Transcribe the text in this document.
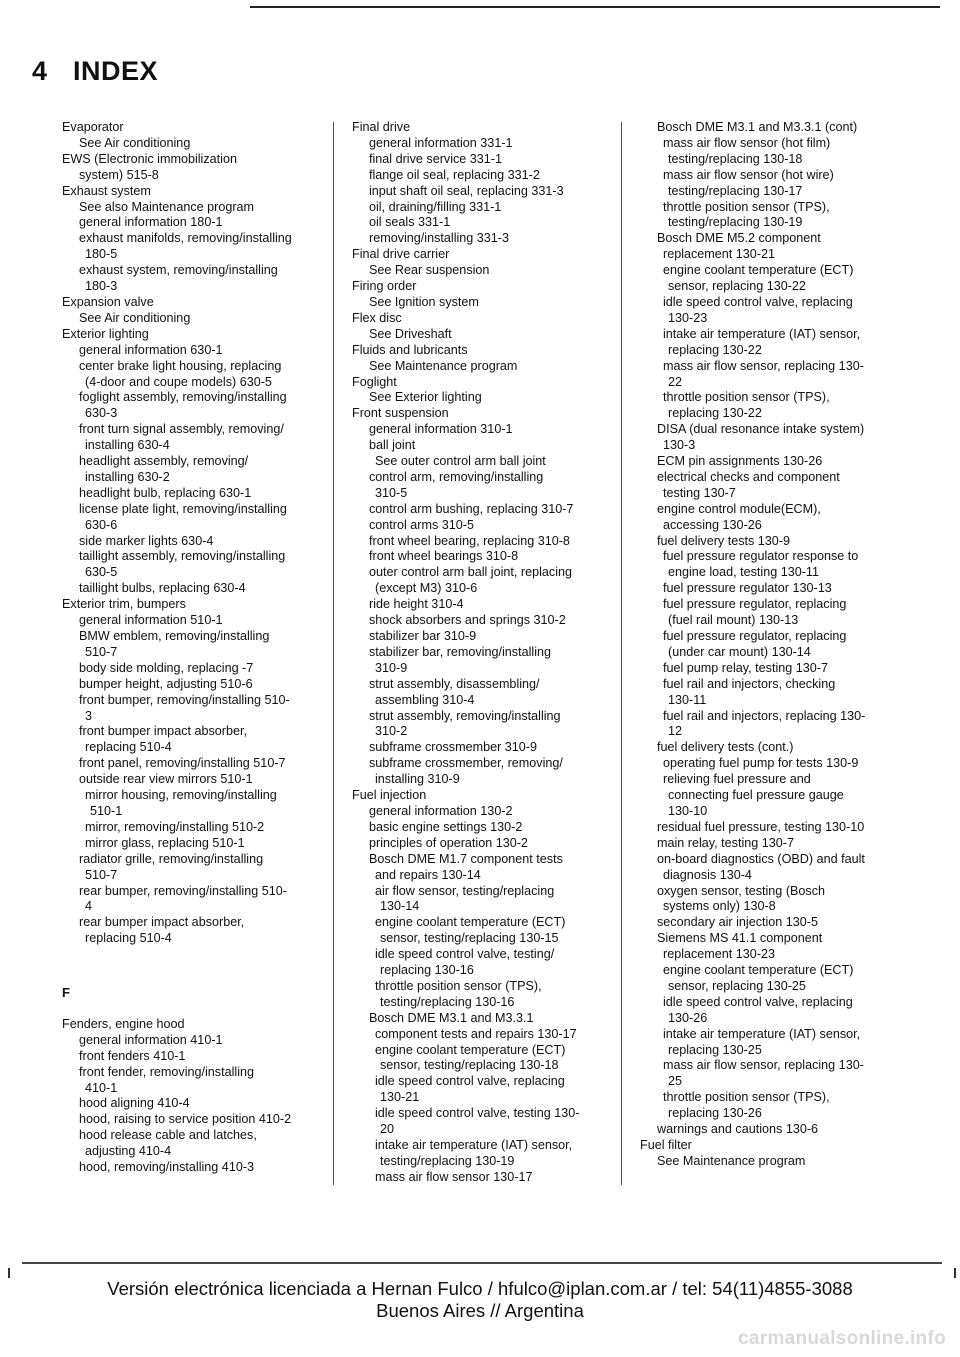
4 INDEX
Evaporator
See Air conditioning
EWS (Electronic immobilization
system) 515-8
Exhaust system
See also Maintenance program
general information 180-1
exhaust manifolds, removing/installing
180-5
exhaust system, removing/installing
180-3
Expansion valve
See Air conditioning
Exterior lighting
general information 630-1
center brake light housing, replacing
(4-door and coupe models) 630-5
foglight assembly, removing/installing
630-3
front turn signal assembly, removing/
installing 630-4
headlight assembly, removing/
installing 630-2
headlight bulb, replacing 630-1
license plate light, removing/installing
630-6
side marker lights 630-4
taillight assembly, removing/installing
630-5
taillight bulbs, replacing 630-4
Exterior trim, bumpers
general information 510-1
BMW emblem, removing/installing
510-7
body side molding, replacing -7
bumper height, adjusting 510-6
front bumper, removing/installing 510-
3
front bumper impact absorber,
replacing 510-4
front panel, removing/installing 510-7
outside rear view mirrors 510-1
mirror housing, removing/installing
510-1
mirror, removing/installing 510-2
mirror glass, replacing 510-1
radiator grille, removing/installing
510-7
rear bumper, removing/installing 510-
4
rear bumper impact absorber,
replacing 510-4
F
Fenders, engine hood
general information 410-1
front fenders 410-1
front fender, removing/installing
410-1
hood aligning 410-4
hood, raising to service position 410-2
hood release cable and latches,
adjusting 410-4
hood, removing/installing 410-3
Final drive
general information 331-1
final drive service 331-1
flange oil seal, replacing 331-2
input shaft oil seal, replacing 331-3
oil, draining/filling 331-1
oil seals 331-1
removing/installing 331-3
Final drive carrier
See Rear suspension
Firing order
See Ignition system
Flex disc
See Driveshaft
Fluids and lubricants
See Maintenance program
Foglight
See Exterior lighting
Front suspension
general information 310-1
ball joint
See outer control arm ball joint
control arm, removing/installing
310-5
control arm bushing, replacing 310-7
control arms 310-5
front wheel bearing, replacing 310-8
front wheel bearings 310-8
outer control arm ball joint, replacing
(except M3) 310-6
ride height 310-4
shock absorbers and springs 310-2
stabilizer bar 310-9
stabilizer bar, removing/installing
310-9
strut assembly, disassembling/
assembling 310-4
strut assembly, removing/installing
310-2
subframe crossmember 310-9
subframe crossmember, removing/
installing 310-9
Fuel injection
general information 130-2
basic engine settings 130-2
principles of operation 130-2
Bosch DME M1.7 component tests
and repairs 130-14
air flow sensor, testing/replacing
130-14
engine coolant temperature (ECT)
sensor, testing/replacing 130-15
idle speed control valve, testing/
replacing 130-16
throttle position sensor (TPS),
testing/replacing 130-16
Bosch DME M3.1 and M3.3.1
component tests and repairs 130-17
engine coolant temperature (ECT)
sensor, testing/replacing 130-18
idle speed control valve, replacing
130-21
idle speed control valve, testing 130-
20
intake air temperature (IAT) sensor,
testing/replacing 130-19
mass air flow sensor 130-17
Bosch DME M3.1 and M3.3.1 (cont)
mass air flow sensor (hot film)
testing/replacing 130-18
mass air flow sensor (hot wire)
testing/replacing 130-17
throttle position sensor (TPS),
testing/replacing 130-19
Bosch DME M5.2 component
replacement 130-21
engine coolant temperature (ECT)
sensor, replacing 130-22
idle speed control valve, replacing
130-23
intake air temperature (IAT) sensor,
replacing 130-22
mass air flow sensor, replacing 130-
22
throttle position sensor (TPS),
replacing 130-22
DISA (dual resonance intake system)
130-3
ECM pin assignments 130-26
electrical checks and component
testing 130-7
engine control module(ECM),
accessing 130-26
fuel delivery tests 130-9
fuel pressure regulator response to
engine load, testing 130-11
fuel pressure regulator 130-13
fuel pressure regulator, replacing
(fuel rail mount) 130-13
fuel pressure regulator, replacing
(under car mount) 130-14
fuel pump relay, testing 130-7
fuel rail and injectors, checking
130-11
fuel rail and injectors, replacing 130-
12
fuel delivery tests (cont.)
operating fuel pump for tests 130-9
relieving fuel pressure and
connecting fuel pressure gauge
130-10
residual fuel pressure, testing 130-10
main relay, testing 130-7
on-board diagnostics (OBD) and fault
diagnosis 130-4
oxygen sensor, testing (Bosch
systems only) 130-8
secondary air injection 130-5
Siemens MS 41.1 component
replacement 130-23
engine coolant temperature (ECT)
sensor, replacing 130-25
idle speed control valve, replacing
130-26
intake air temperature (IAT) sensor,
replacing 130-25
mass air flow sensor, replacing 130-
25
throttle position sensor (TPS),
replacing 130-26
warnings and cautions 130-6
Fuel filter
See Maintenance program
Versión electrónica licenciada a Hernan Fulco / hfulco@iplan.com.ar / tel: 54(11)4855-3088
Buenos Aires // Argentina
carmanualsonline.info
